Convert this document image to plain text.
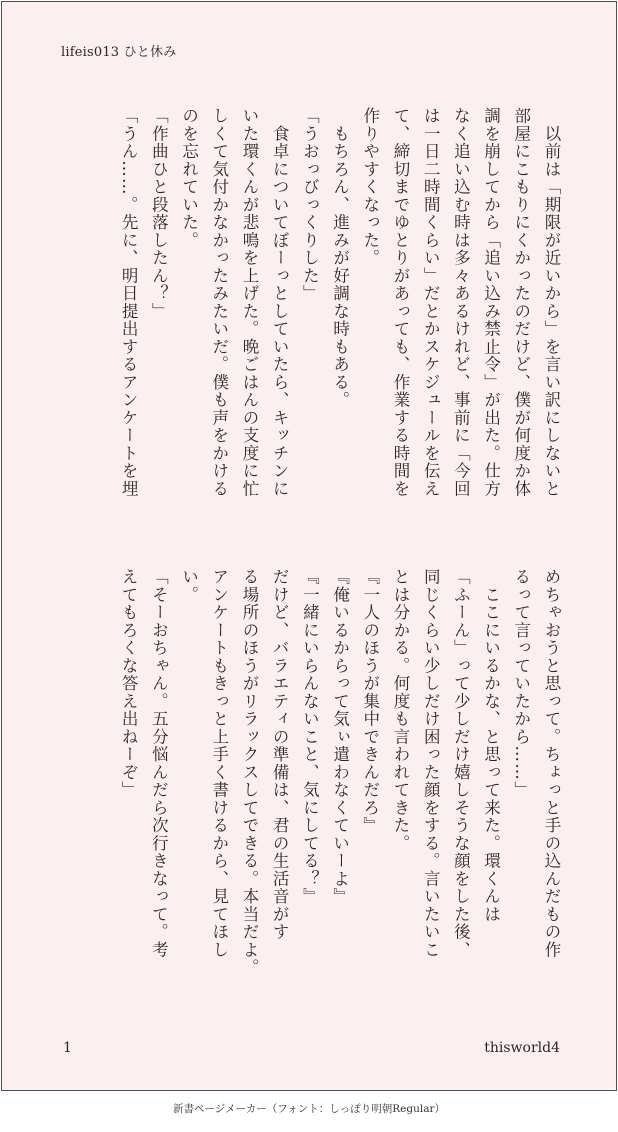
lifeis013 ひと休み
　以前は「期限が近いから」を言い訳にしないと
部屋にこもりにくかったのだけど、僕が何度か体
調を崩してから「追い込み禁止令」が出た。仕方
なく追い込む時は多々あるけれど、事前に「今回
は一日二時間くらい」だとかスケジュールを伝え
て、締切までゆとりがあっても、作業する時間を
作りやすくなった。
　もちろん、進みが好調な時もある。
「うおっびっくりした」
　食卓についてぼーっとしていたら、キッチンに
いた環くんが悲鳴を上げた。晩ごはんの支度に忙
しくて気付かなかったみたいだ。僕も声をかける
のを忘れていた。
「作曲ひと段落したん？」
「うん……。先に、明日提出するアンケートを埋
めちゃおうと思って。ちょっと手の込んだもの作
るって言っていたから……」
　ここにいるかな、と思って来た。環くんは
「ふーん」って少しだけ嬉しそうな顔をした後、
同じくらい少しだけ困った顔をする。言いたいこ
とは分かる。何度も言われてきた。
『一人のほうが集中できんだろ』
『俺いるからって気ぃ遣わなくていーよ』
『一緒にいらんないこと、気にしてる？』
だけど、バラエティの準備は、君の生活音がす
る場所のほうがリラックスしてできる。本当だよ。
アンケートもきっと上手く書けるから、見てほし
い。
「そーおちゃん。五分悩んだら次行きなって。考
えてもろくな答え出ねーぞ」
1	thisworld4
新書ページメーカー（フォント：しっぽり明朝Regular）
